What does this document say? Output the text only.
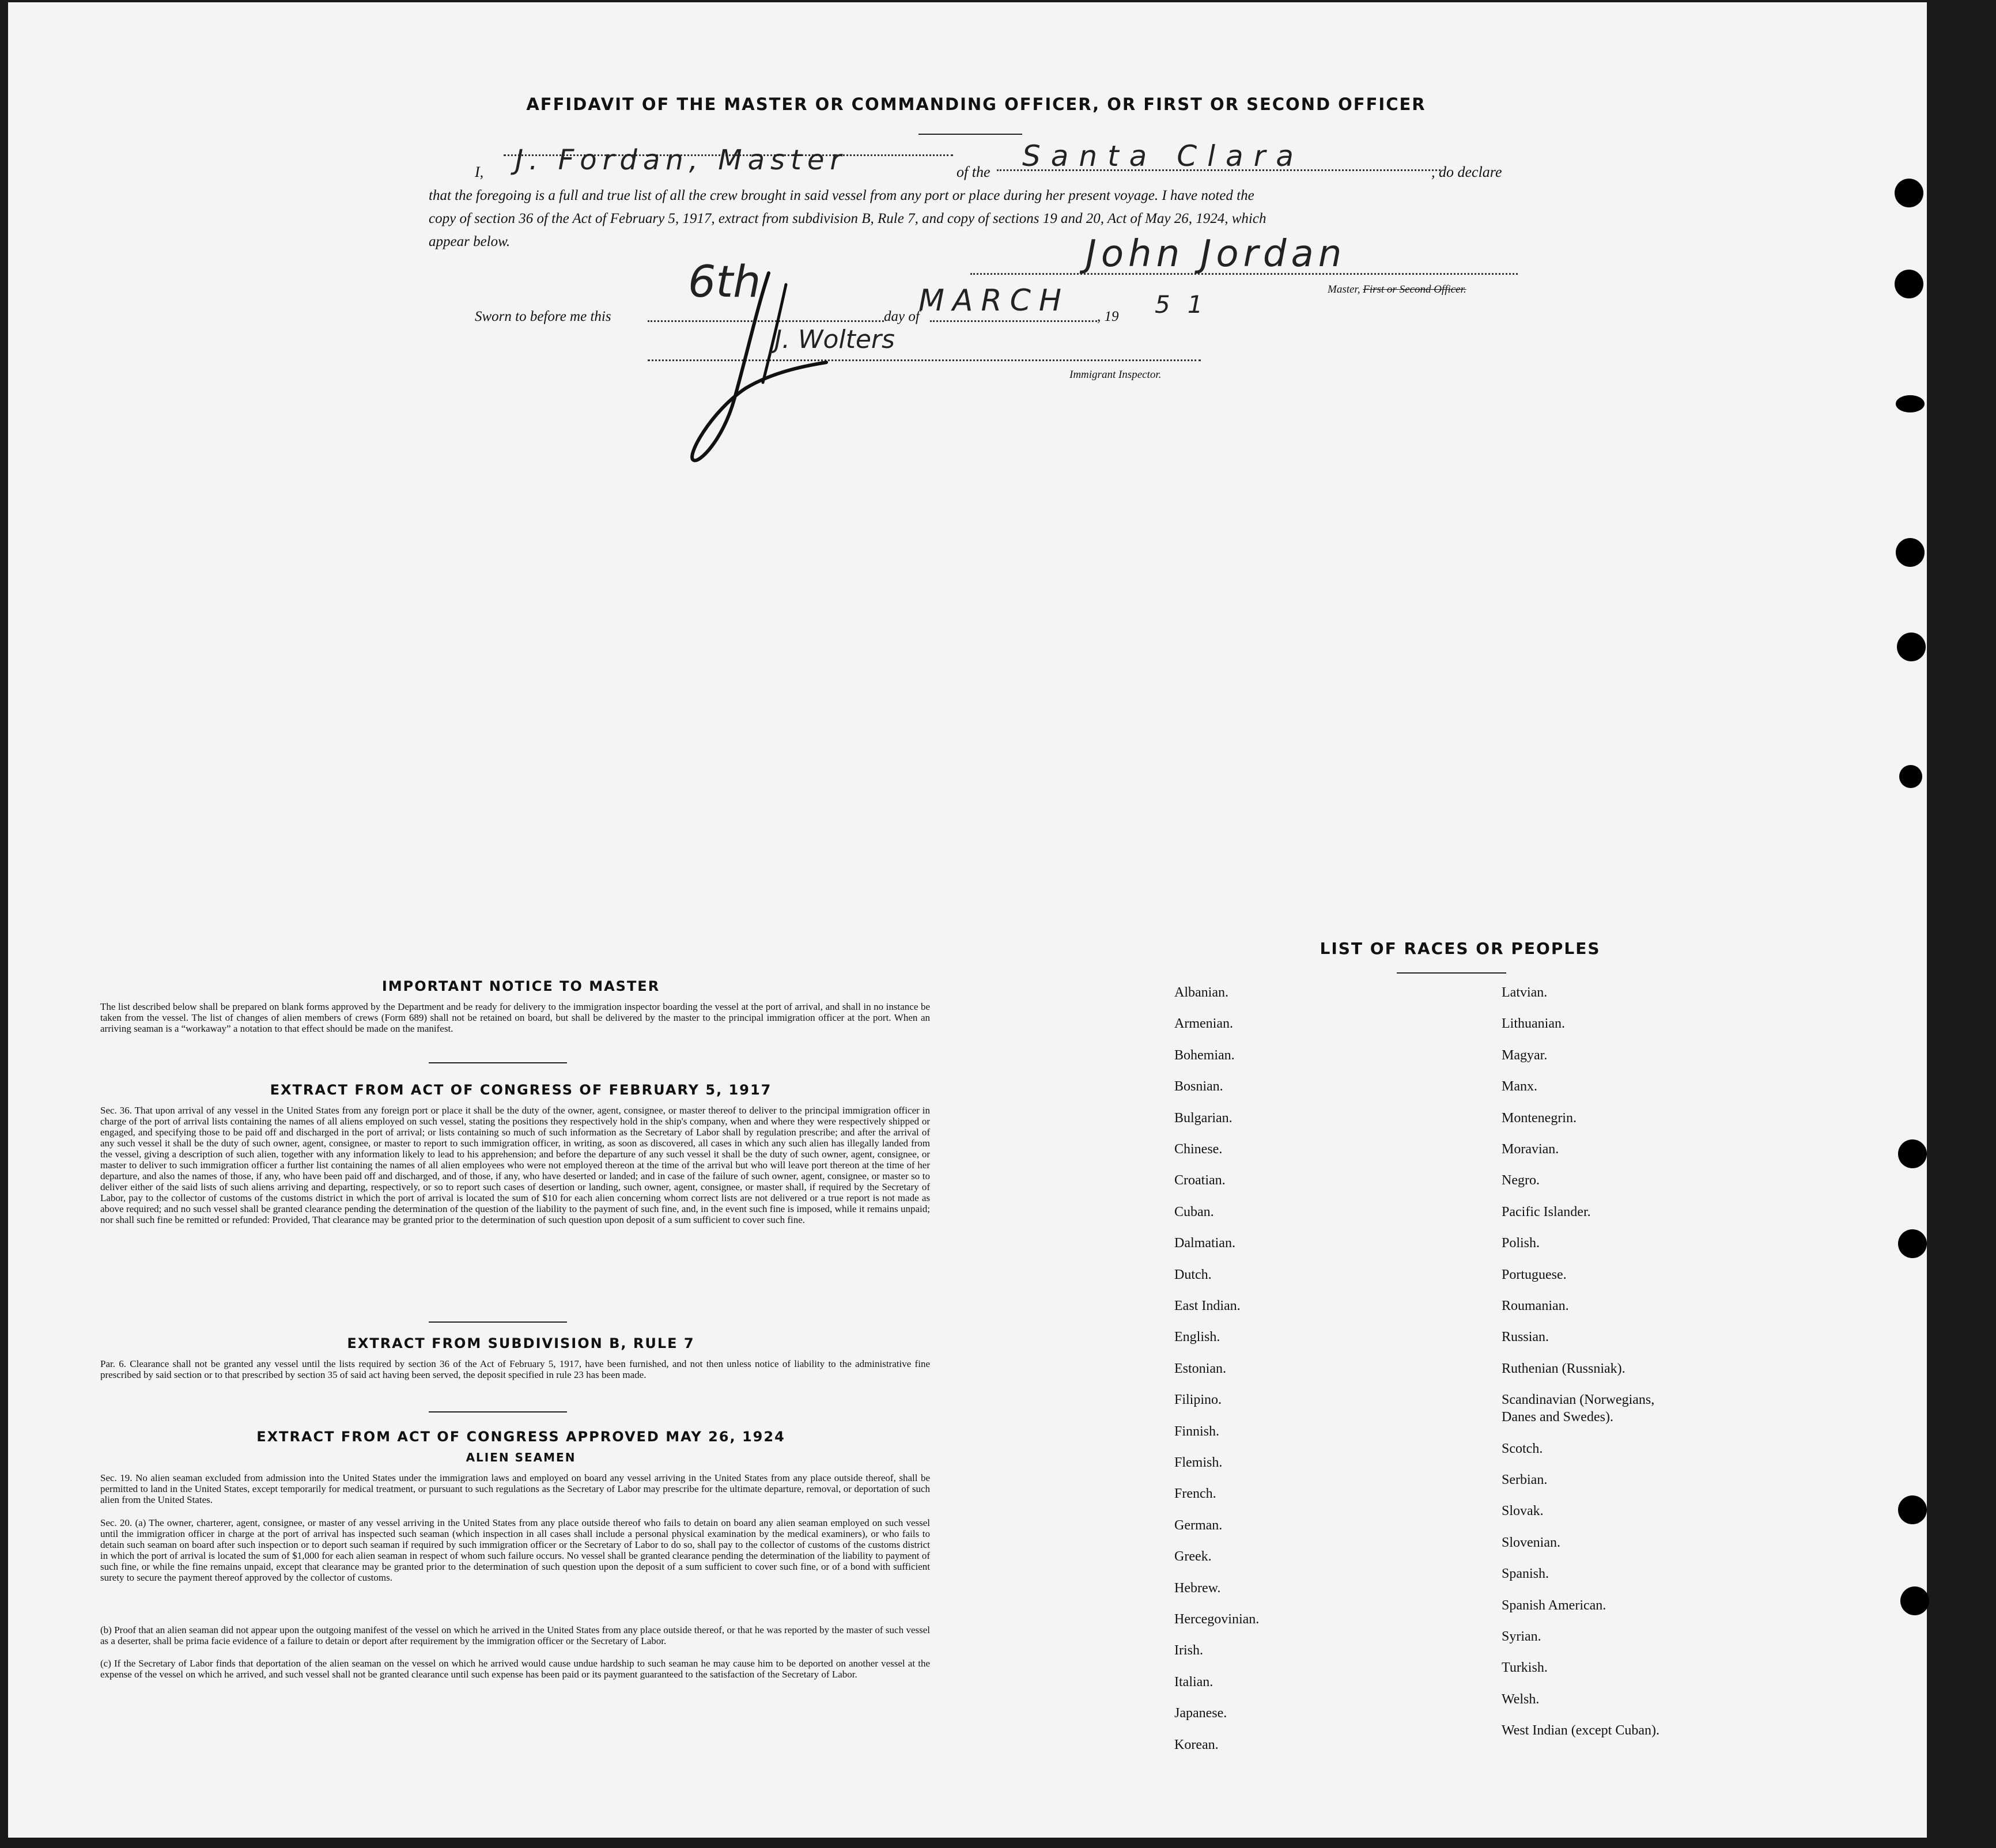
AFFIDAVIT OF THE MASTER OR COMMANDING OFFICER, OR FIRST OR SECOND OFFICER
I, J. Fordan, Master	of the Santa Clara	, do declare
that the foregoing is a full and true list of all the crew brought in said vessel from any port or place during her present voyage. I have noted the
copy of section 36 of the Act of February 5, 1917, extract from subdivision B, Rule 7, and copy of sections 19 and 20, Act of May 26, 1924, which
appear below.	John Jordan
Master, First or Second Officer.
Sworn to before me this
6th
day of
MARCH , 19 51
J. Wolters
Immigrant Inspector.
IMPORTANT NOTICE TO MASTER
The list described below shall be prepared on blank forms approved by the Department and be ready for delivery to the immigration inspector boarding the vessel at the port of arrival, and shall in no instance be taken from the vessel. The list of changes of alien members of crews (Form 689) shall not be retained on board, but shall be delivered by the master to the principal immigration officer at the port. When an arriving seaman is a “workaway” a notation to that effect should be made on the manifest.
EXTRACT FROM ACT OF CONGRESS OF FEBRUARY 5, 1917
Sec. 36. That upon arrival of any vessel in the United States from any foreign port or place it shall be the duty of the owner, agent, consignee, or master thereof to deliver to the principal immigration officer in charge of the port of arrival lists containing the names of all aliens employed on such vessel, stating the positions they respectively hold in the ship's company, when and where they were respectively shipped or engaged, and specifying those to be paid off and discharged in the port of arrival; or lists containing so much of such information as the Secretary of Labor shall by regulation prescribe; and after the arrival of any such vessel it shall be the duty of such owner, agent, consignee, or master to report to such immigration officer, in writing, as soon as discovered, all cases in which any such alien has illegally landed from the vessel, giving a description of such alien, together with any information likely to lead to his apprehension; and before the departure of any such vessel it shall be the duty of such owner, agent, consignee, or master to deliver to such immigration officer a further list containing the names of all alien employees who were not employed thereon at the time of the arrival but who will leave port thereon at the time of her departure, and also the names of those, if any, who have been paid off and discharged, and of those, if any, who have deserted or landed; and in case of the failure of such owner, agent, consignee, or master so to deliver either of the said lists of such aliens arriving and departing, respectively, or so to report such cases of desertion or landing, such owner, agent, consignee, or master shall, if required by the Secretary of Labor, pay to the collector of customs of the customs district in which the port of arrival is located the sum of $10 for each alien concerning whom correct lists are not delivered or a true report is not made as above required; and no such vessel shall be granted clearance pending the determination of the question of the liability to the payment of such fine, and, in the event such fine is imposed, while it remains unpaid; nor shall such fine be remitted or refunded: Provided, That clearance may be granted prior to the determination of such question upon deposit of a sum sufficient to cover such fine.
EXTRACT FROM SUBDIVISION B, RULE 7
Par. 6. Clearance shall not be granted any vessel until the lists required by section 36 of the Act of February 5, 1917, have been furnished, and not then unless notice of liability to the administrative fine prescribed by said section or to that prescribed by section 35 of said act having been served, the deposit specified in rule 23 has been made.
EXTRACT FROM ACT OF CONGRESS APPROVED MAY 26, 1924
ALIEN SEAMEN
Sec. 19. No alien seaman excluded from admission into the United States under the immigration laws and employed on board any vessel arriving in the United States from any place outside thereof, shall be permitted to land in the United States, except temporarily for medical treatment, or pursuant to such regulations as the Secretary of Labor may prescribe for the ultimate departure, removal, or deportation of such alien from the United States.
Sec. 20. (a) The owner, charterer, agent, consignee, or master of any vessel arriving in the United States from any place outside thereof who fails to detain on board any alien seaman employed on such vessel until the immigration officer in charge at the port of arrival has inspected such seaman (which inspection in all cases shall include a personal physical examination by the medical examiners), or who fails to detain such seaman on board after such inspection or to deport such seaman if required by such immigration officer or the Secretary of Labor to do so, shall pay to the collector of customs of the customs district in which the port of arrival is located the sum of $1,000 for each alien seaman in respect of whom such failure occurs. No vessel shall be granted clearance pending the determination of the liability to payment of such fine, or while the fine remains unpaid, except that clearance may be granted prior to the determination of such question upon the deposit of a sum sufficient to cover such fine, or of a bond with sufficient surety to secure the payment thereof approved by the collector of customs.
(b) Proof that an alien seaman did not appear upon the outgoing manifest of the vessel on which he arrived in the United States from any place outside thereof, or that he was reported by the master of such vessel as a deserter, shall be prima facie evidence of a failure to detain or deport after requirement by the immigration officer or the Secretary of Labor.
(c) If the Secretary of Labor finds that deportation of the alien seaman on the vessel on which he arrived would cause undue hardship to such seaman he may cause him to be deported on another vessel at the expense of the vessel on which he arrived, and such vessel shall not be granted clearance until such expense has been paid or its payment guaranteed to the satisfaction of the Secretary of Labor.
LIST OF RACES OR PEOPLES
Albanian.
Armenian.
Bohemian.
Bosnian.
Bulgarian.
Chinese.
Croatian.
Cuban.
Dalmatian.
Dutch.
East Indian.
English.
Estonian.
Filipino.
Finnish.
Flemish.
French.
German.
Greek.
Hebrew.
Hercegovinian.
Irish.
Italian.
Japanese.
Korean.
Latvian.
Lithuanian.
Magyar.
Manx.
Montenegrin.
Moravian.
Negro.
Pacific Islander.
Polish.
Portuguese.
Roumanian.
Russian.
Ruthenian (Russniak).
Scandinavian (Norwegians,
Danes and Swedes).
Scotch.
Serbian.
Slovak.
Slovenian.
Spanish.
Spanish American.
Syrian.
Turkish.
Welsh.
West Indian (except Cuban).
